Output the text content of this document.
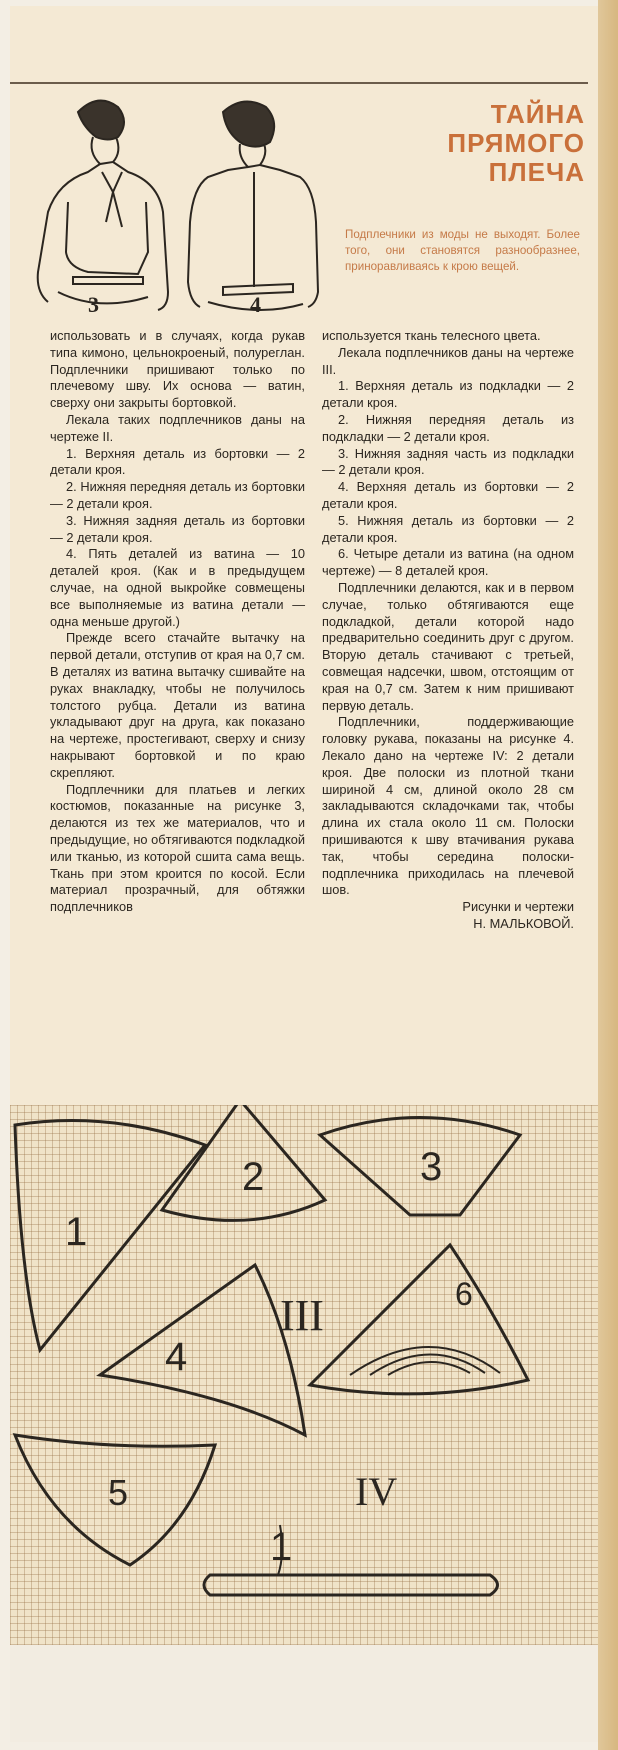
3	4
ТАЙНА
ПРЯМОГО
ПЛЕЧА
Подплечники из моды не выходят. Более того, они становятся разнообразнее, приноравливаясь к крою вещей.

использовать и в случаях, когда рукав типа кимоно, цельнокроеный, полуреглан. Подплечники пришивают только по плечевому шву. Их основа — ватин, сверху они закрыты бортовкой.

Лекала таких подплечников даны на чертеже II.

1. Верхняя деталь из бортовки — 2 детали кроя.

2. Нижняя передняя деталь из бортовки — 2 детали кроя.

3. Нижняя задняя деталь из бортовки — 2 детали кроя.

4. Пять деталей из ватина — 10 деталей кроя. (Как и в предыдущем случае, на одной выкройке совмещены все выполняемые из ватина детали — одна меньше другой.)

Прежде всего стачайте вытачку на первой детали, отступив от края на 0,7 см. В деталях из ватина вытачку сшивайте на руках внакладку, чтобы не получилось толстого рубца. Детали из ватина укладывают друг на друга, как показано на чертеже, простегивают, сверху и снизу накрывают бортовкой и по краю скрепляют.

Подплечники для платьев и легких костюмов, показанные на рисунке 3, делаются из тех же материалов, что и предыдущие, но обтягиваются подкладкой или тканью, из которой сшита сама вещь. Ткань при этом кроится по косой. Если материал прозрачный, для обтяжки подплечников

используется ткань телесного цвета.

Лекала подплечников даны на чертеже III.

1. Верхняя деталь из подкладки — 2 детали кроя.

2. Нижняя передняя деталь из подкладки — 2 детали кроя.

3. Нижняя задняя часть из подкладки — 2 детали кроя.

4. Верхняя деталь из бортовки — 2 детали кроя.

5. Нижняя деталь из бортовки — 2 детали кроя.

6. Четыре детали из ватина (на одном чертеже) — 8 деталей кроя.

Подплечники делаются, как и в первом случае, только обтягиваются еще подкладкой, детали которой надо предварительно соединить друг с другом. Вторую деталь стачивают с третьей, совмещая надсечки, швом, отстоящим от края на 0,7 см. Затем к ним пришивают первую деталь.

Подплечники, поддерживающие головку рукава, показаны на рисунке 4. Лекало дано на чертеже IV: 2 детали кроя. Две полоски из плотной ткани шириной 4 см, длиной около 28 см закладываются складочками так, чтобы длина их стала около 11 см. Полоски пришиваются к шву втачивания рукава так, чтобы середина полоски-подплечника приходилась на плечевой шов.

Рисунки и чертежи

Н. МАЛЬКОВОЙ.

1
2	3
4
5
6
1
III
IV
